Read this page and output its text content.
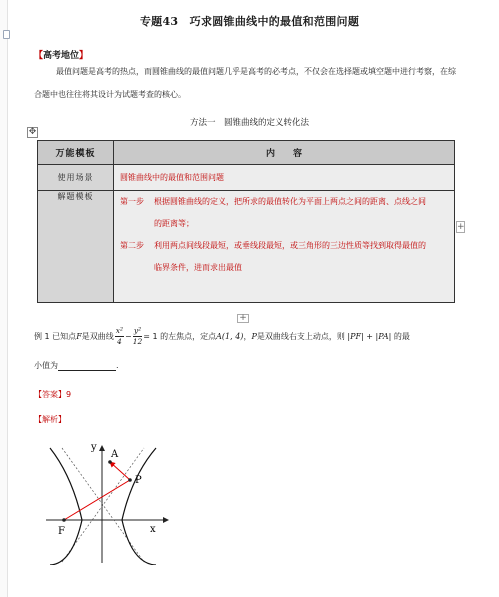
专题43　巧求圆锥曲线中的最值和范围问题
【高考地位】
最值问题是高考的热点，而圆锥曲线的最值问题几乎是高考的必考点，不仅会在选择题或填空题中进行考察，在综合题中也往往将其设计为试题考查的核心。
方法一　圆锥曲线的定义转化法
✥
万能模板	内　　容
使用场景	圆锥曲线中的最值和范围问题
解题模板	第一步 根据圆锥曲线的定义，把所求的最值转化为平面上两点之间的距离、点线之间
的距离等；
第二步 利用两点间线段最短，或垂线段最短，或三角形的三边性质等找到取得最值的
临界条件，进而求出最值
+
+
例 1 已知点 F 是双曲线 $\frac{\text{x²}}{4} - \frac{\text{y²}}{12} = 1$ 的左焦点，定点 A(1, 4) ， P 是双曲线右支上动点，则 | PF | + | PA | 的最
小值为	.
【答案】9
【解析】
y
x
A
P
F
